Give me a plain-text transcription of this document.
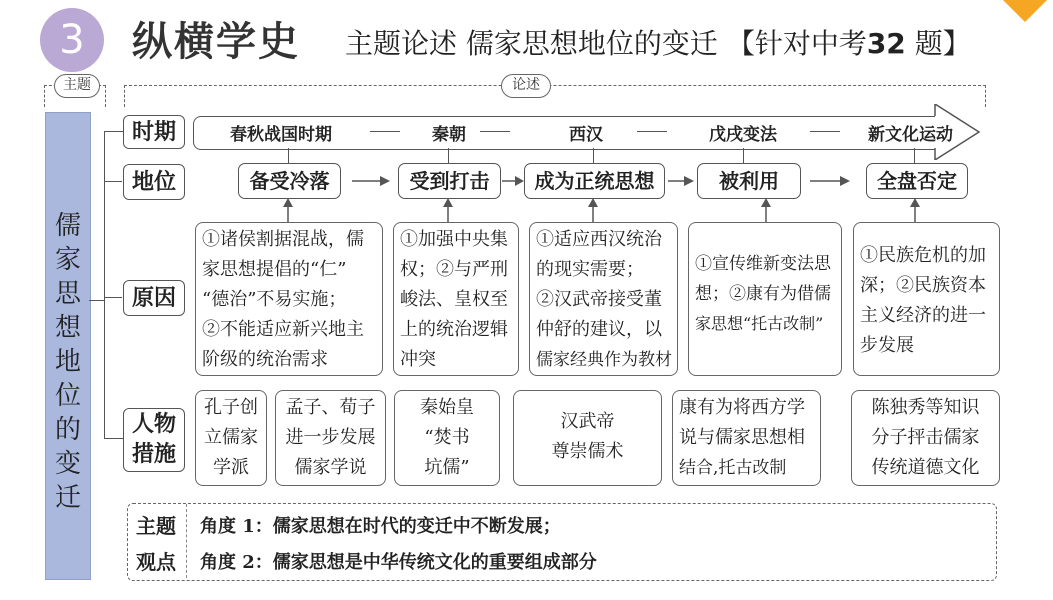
3	纵横学史 主题论述 儒家思想地位的变迁 【针对中考32 题】
主题	论述
儒
家
思
想
地
位
的
变
迁
时期
地位
原因
人物
措施
春秋战国时期	秦朝	西汉	戊戌变法	新文化运动
备受冷落	受到打击	成为正统思想	被利用	全盘否定
①诸侯割据混战，儒
家思想提倡的“仁”
“德治”不易实施；
②不能适应新兴地主
阶级的统治需求
①加强中央集
权；②与严刑
峻法、皇权至
上的统治逻辑
冲突
①适应西汉统治
的现实需要；
②汉武帝接受董
仲舒的建议，以
儒家经典作为教材
①宣传维新变法思
想；②康有为借儒
家思想“托古改制”
①民族危机的加
深；②民族资本
主义经济的进一
步发展
孔子创
立儒家
学派
孟子、荀子
进一步发展
儒家学说
秦始皇
“焚书
坑儒”
汉武帝
尊崇儒术
康有为将西方学
说与儒家思想相
结合,托古改制
陈独秀等知识
分子抨击儒家
传统道德文化
主题
观点
角度 1：儒家思想在时代的变迁中不断发展；
角度 2：儒家思想是中华传统文化的重要组成部分
